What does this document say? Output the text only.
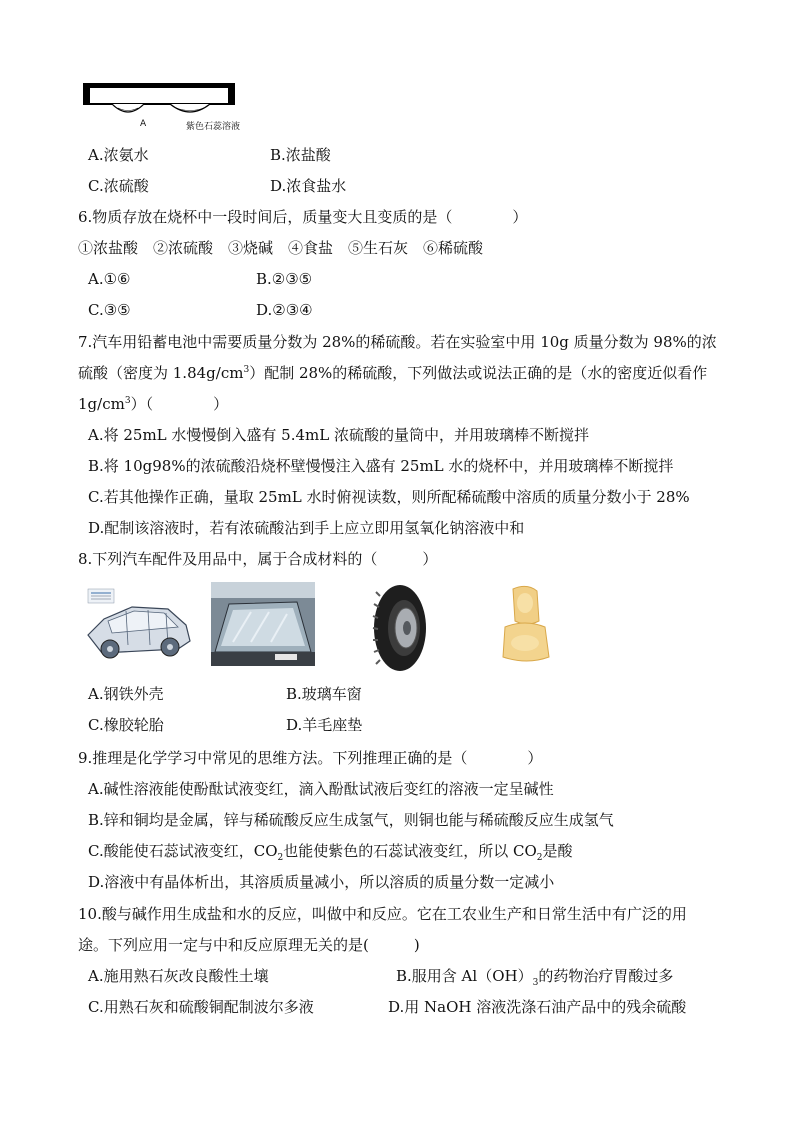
A	紫色石蕊溶液
A.浓氨水	B.浓盐酸
C.浓硫酸	D.浓食盐水
6.物质存放在烧杯中一段时间后，质量变大且变质的是（　　　　）
①浓盐酸　②浓硫酸　③烧碱　④食盐　⑤生石灰　⑥稀硫酸
A.①⑥	B.②③⑤
C.③⑤	D.②③④
7.汽车用铅蓄电池中需要质量分数为 28%的稀硫酸。若在实验室中用 10g 质量分数为 98%的浓
硫酸（密度为 $1.84g/cm^3$）配制 28%的稀硫酸，下列做法或说法正确的是（水的密度近似看作
$1g/cm^3$）（　　　　）
A.将 25mL 水慢慢倒入盛有 5.4mL 浓硫酸的量筒中，并用玻璃棒不断搅拌
B.将 10g98%的浓硫酸沿烧杯壁慢慢注入盛有 25mL 水的烧杯中，并用玻璃棒不断搅拌
C.若其他操作正确，量取 25mL 水时俯视读数，则所配稀硫酸中溶质的质量分数小于 28%
D.配制该溶液时，若有浓硫酸沾到手上应立即用氢氧化钠溶液中和
8.下列汽车配件及用品中，属于合成材料的（　　　）
A.钢铁外壳	B.玻璃车窗
C.橡胶轮胎	D.羊毛座垫
9.推理是化学学习中常见的思维方法。下列推理正确的是（　　　　）
A.碱性溶液能使酚酞试液变红，滴入酚酞试液后变红的溶液一定呈碱性
B.锌和铜均是金属，锌与稀硫酸反应生成氢气，则铜也能与稀硫酸反应生成氢气
C.酸能使石蕊试液变红，$CO_2$也能使紫色的石蕊试液变红，所以 $CO_2$是酸
D.溶液中有晶体析出，其溶质质量减小，所以溶质的质量分数一定减小
10.酸与碱作用生成盐和水的反应，叫做中和反应。它在工农业生产和日常生活中有广泛的用
途。下列应用一定与中和反应原理无关的是(　　　)
A.施用熟石灰改良酸性土壤	B.服用含 $Al(OH)_3$的药物治疗胃酸过多
C.用熟石灰和硫酸铜配制波尔多液	D.用 NaOH 溶液洗涤石油产品中的残余硫酸
